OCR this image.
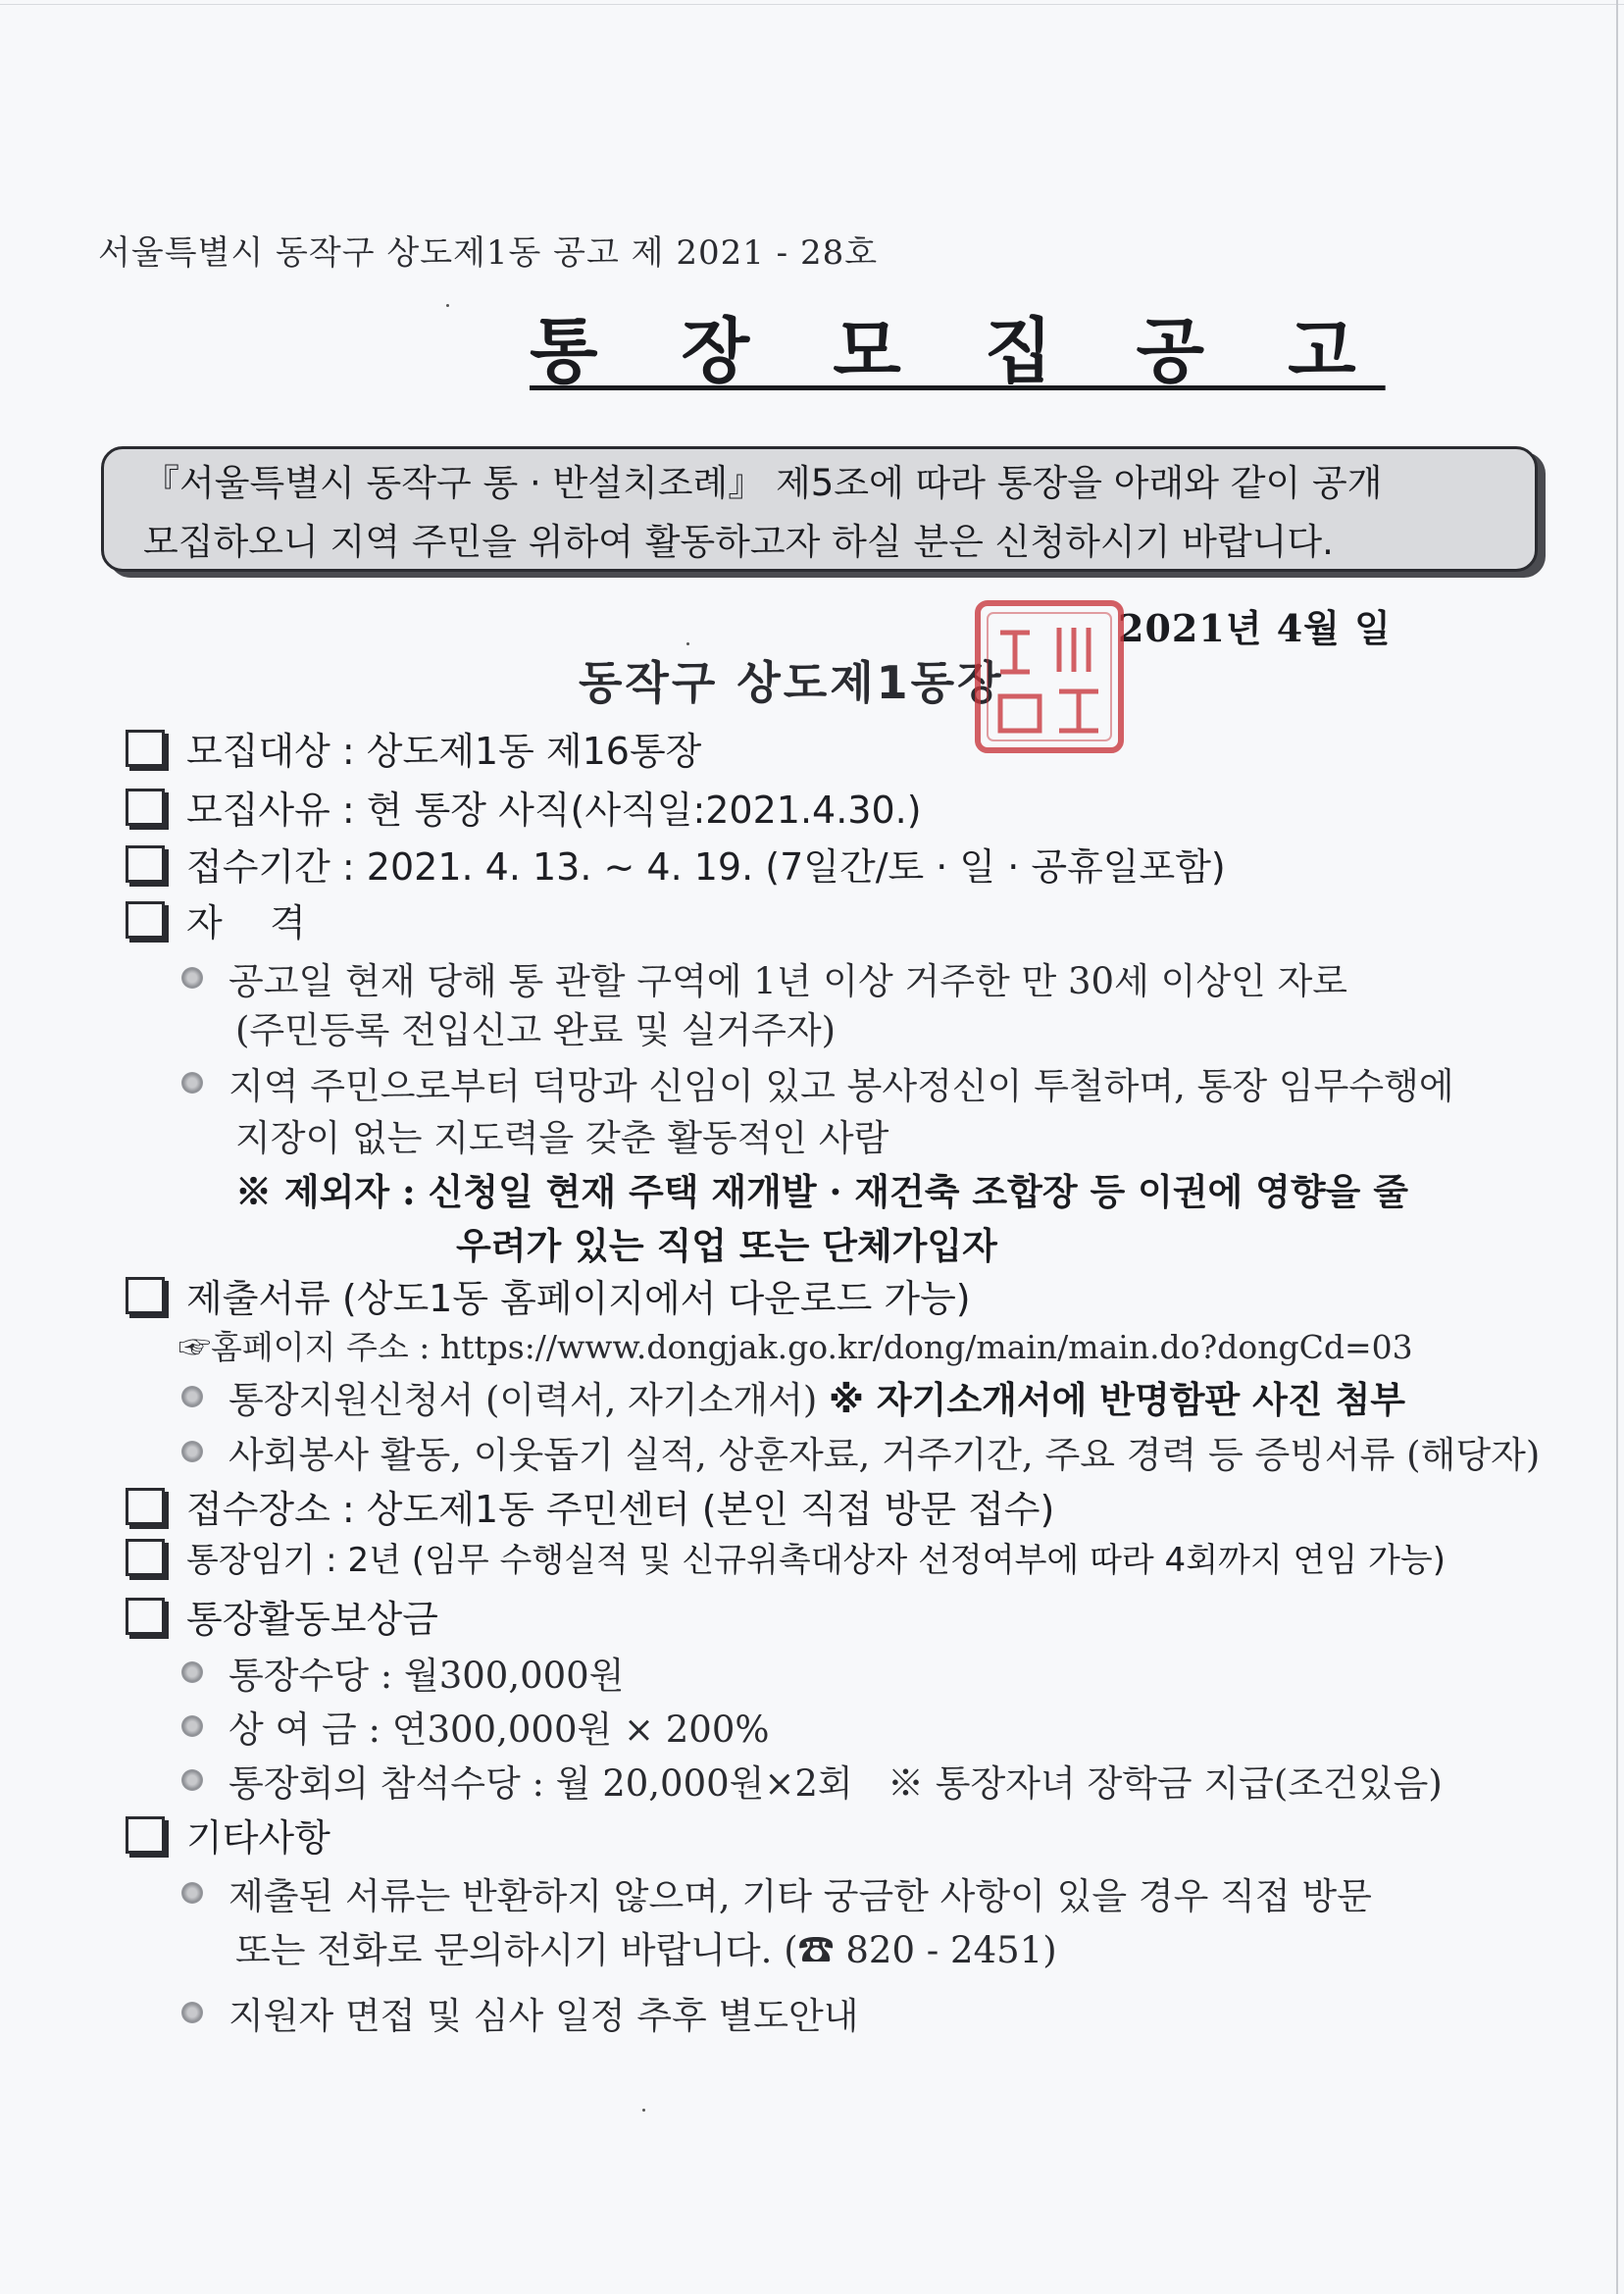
서울특별시 동작구 상도제1동 공고 제 2021 - 28호
통 장 모 집 공 고
『서울특별시 동작구 통 · 반설치조례』 제5조에 따라 통장을 아래와 같이 공개
모집하오니 지역 주민을 위하여 활동하고자 하실 분은 신청하시기 바랍니다.
2021년 4월 일
동작구 상도제1동장
모집대상 : 상도제1동 제16통장
모집사유 : 현 통장 사직(사직일:2021.4.30.)
접수기간 : 2021. 4. 13. ~ 4. 19. (7일간/토 · 일 · 공휴일포함)
자    격
공고일 현재 당해 통 관할 구역에 1년 이상 거주한 만 30세 이상인 자로
(주민등록 전입신고 완료 및 실거주자)
지역 주민으로부터 덕망과 신임이 있고 봉사정신이 투철하며, 통장 임무수행에
지장이 없는 지도력을 갖춘 활동적인 사람
※ 제외자 : 신청일 현재 주택 재개발 · 재건축 조합장 등 이권에 영향을 줄
우려가 있는 직업 또는 단체가입자
제출서류 (상도1동 홈페이지에서 다운로드 가능)
☞홈페이지 주소 : https://www.dongjak.go.kr/dong/main/main.do?dongCd=03
통장지원신청서 (이력서, 자기소개서) ※ 자기소개서에 반명함판 사진 첨부
사회봉사 활동, 이웃돕기 실적, 상훈자료, 거주기간, 주요 경력 등 증빙서류 (해당자)
접수장소 : 상도제1동 주민센터 (본인 직접 방문 접수)
통장임기 : 2년 (임무 수행실적 및 신규위촉대상자 선정여부에 따라 4회까지 연임 가능)
통장활동보상금
통장수당 : 월300,000원
상 여 금 : 연300,000원 × 200%
통장회의 참석수당 : 월 20,000원×2회   ※ 통장자녀 장학금 지급(조건있음)
기타사항
제출된 서류는 반환하지 않으며, 기타 궁금한 사항이 있을 경우 직접 방문
또는 전화로 문의하시기 바랍니다. (☎ 820 - 2451)
지원자 면접 및 심사 일정 추후 별도안내
